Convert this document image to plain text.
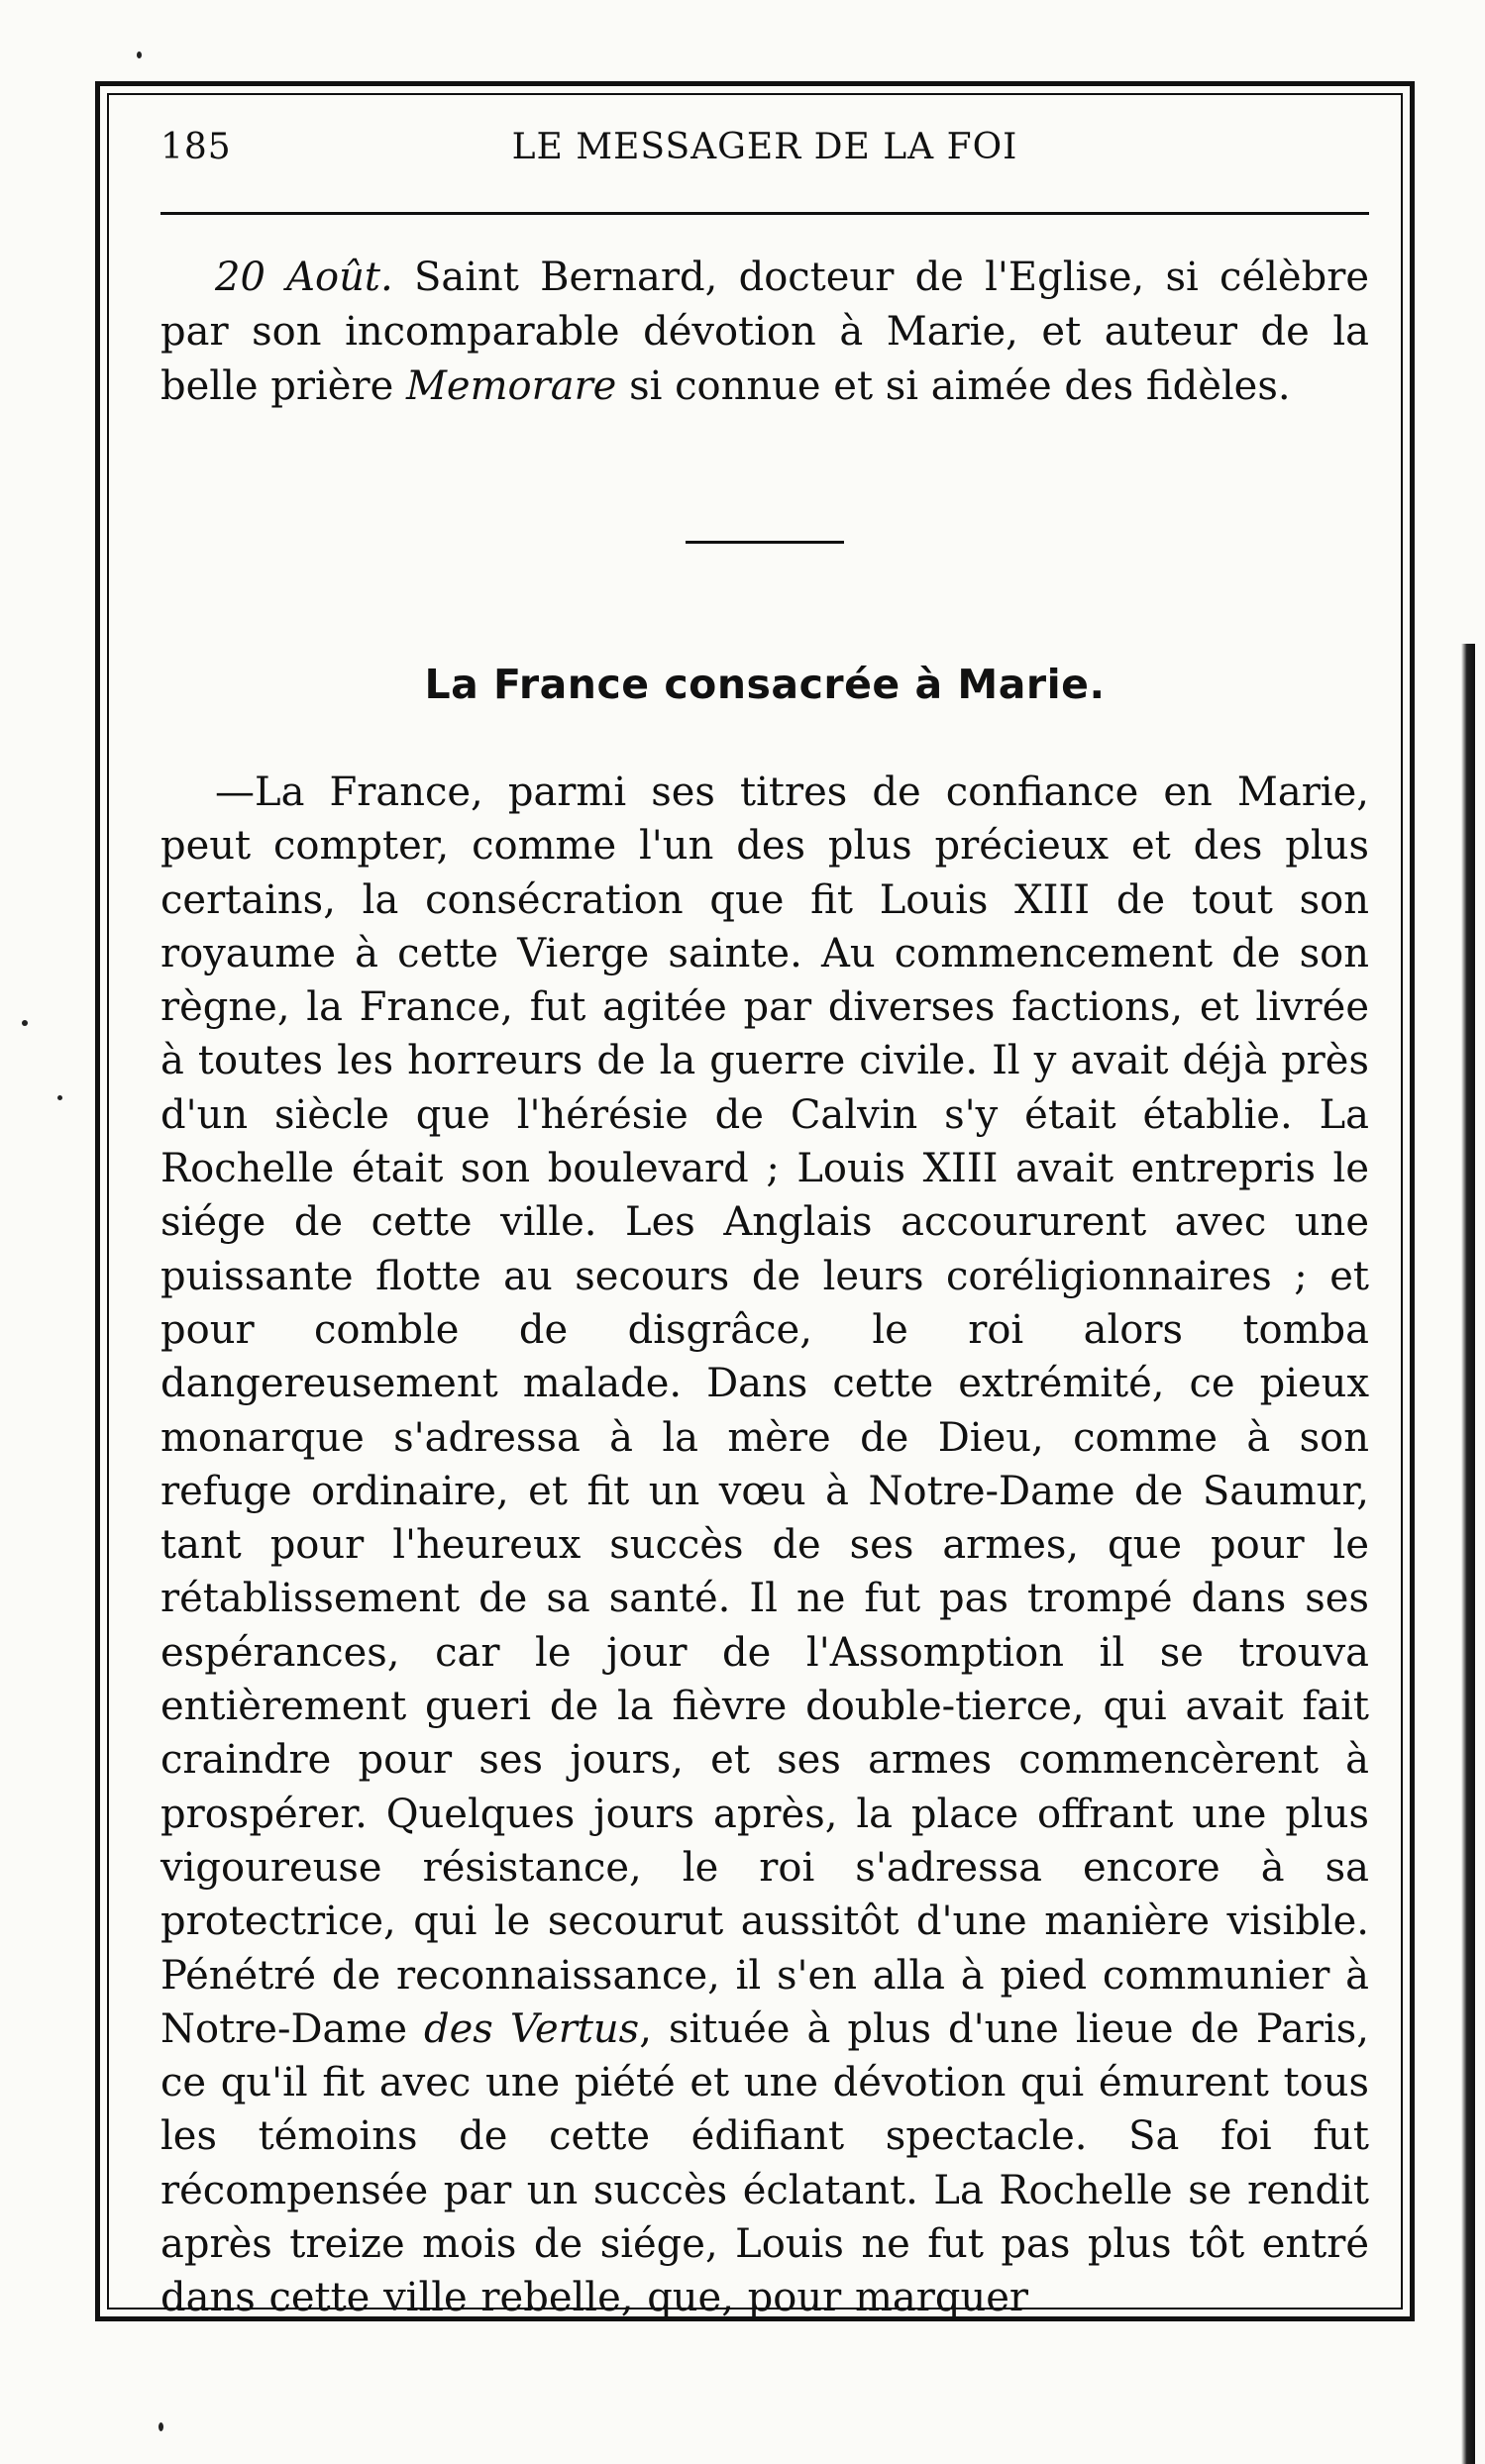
185	LE MESSAGER DE LA FOI

20 Août. Saint Bernard, docteur de l'Eglise, si célèbre par son incomparable dévotion à Marie, et auteur de la belle prière Memorare si connue et si aimée des fidèles.

La France consacrée à Marie.

—La France, parmi ses titres de confiance en Marie, peut compter, comme l'un des plus précieux et des plus certains, la consécration que fit Louis XIII de tout son royaume à cette Vierge sainte. Au commencement de son règne, la France, fut agitée par diverses factions, et livrée à toutes les horreurs de la guerre civile. Il y avait déjà près d'un siècle que l'hérésie de Calvin s'y était établie. La Rochelle était son boulevard ; Louis XIII avait entrepris le siége de cette ville. Les Anglais accoururent avec une puissante flotte au secours de leurs coréligionnaires ; et pour comble de disgrâce, le roi alors tomba dangereusement malade. Dans cette extrémité, ce pieux monarque s'adressa à la mère de Dieu, comme à son refuge ordinaire, et fit un vœu à Notre-Dame de Saumur, tant pour l'heureux succès de ses armes, que pour le rétablissement de sa santé. Il ne fut pas trompé dans ses espérances, car le jour de l'Assomption il se trouva entièrement gueri de la fièvre double-tierce, qui avait fait craindre pour ses jours, et ses armes commencèrent à prospérer. Quelques jours après, la place offrant une plus vigoureuse résistance, le roi s'adressa encore à sa protectrice, qui le secourut aussitôt d'une manière visible. Pénétré de reconnaissance, il s'en alla à pied communier à Notre-Dame des Vertus, située à plus d'une lieue de Paris, ce qu'il fit avec une piété et une dévotion qui émurent tous les témoins de cette édifiant spectacle. Sa foi fut récompensée par un succès éclatant. La Rochelle se rendit après treize mois de siége, Louis ne fut pas plus tôt entré dans cette ville rebelle, que, pour marquer
